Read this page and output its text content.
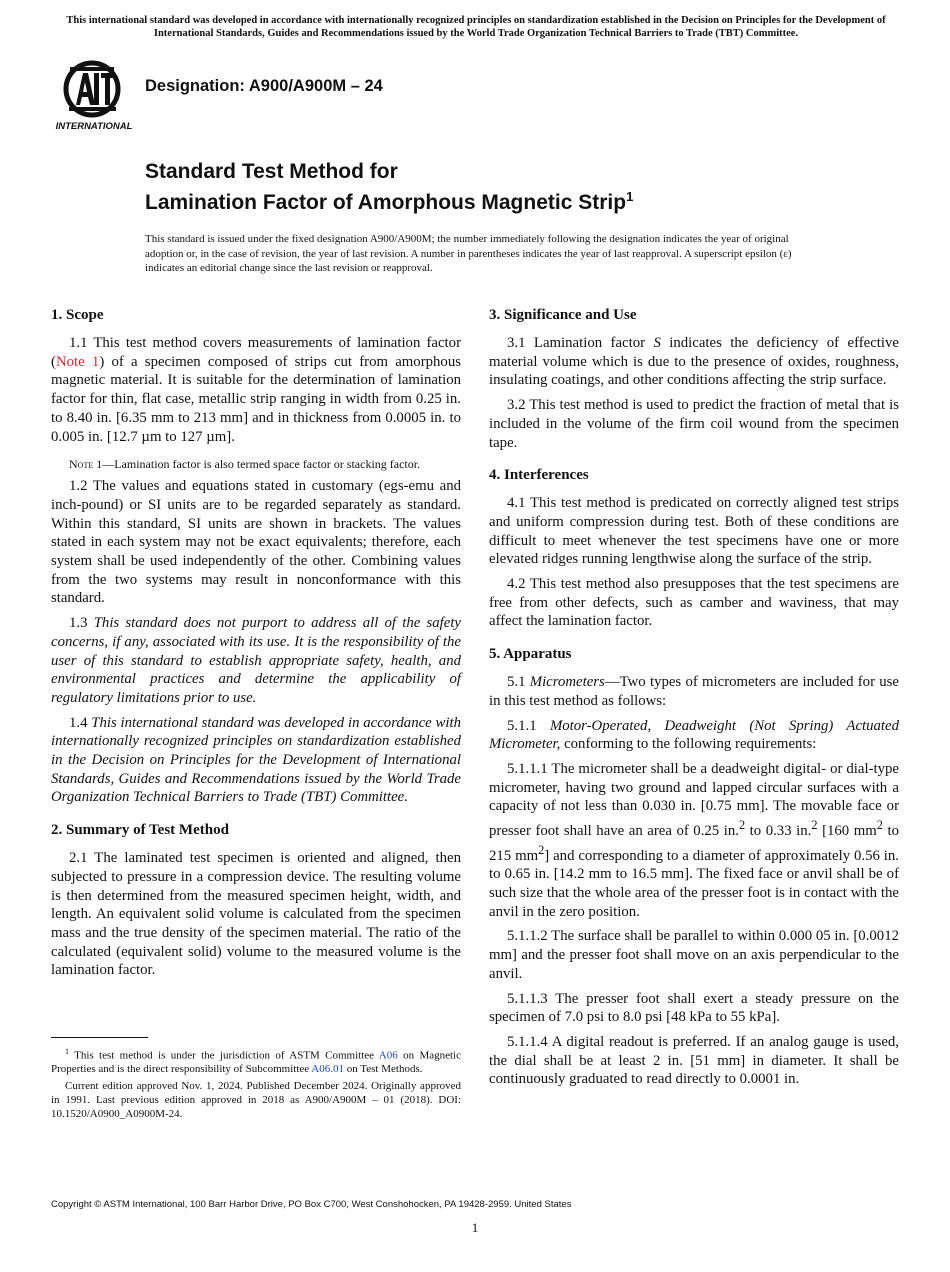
This international standard was developed in accordance with internationally recognized principles on standardization established in the Decision on Principles for the Development of International Standards, Guides and Recommendations issued by the World Trade Organization Technical Barriers to Trade (TBT) Committee.
INTERNATIONAL
Designation: A900/A900M – 24
Standard Test Method for
Lamination Factor of Amorphous Magnetic Strip$^1$
This standard is issued under the fixed designation A900/A900M; the number immediately following the designation indicates the year of original adoption or, in the case of revision, the year of last revision. A number in parentheses indicates the year of last reapproval. A superscript epsilon (ε) indicates an editorial change since the last revision or reapproval.
1. Scope

1.1 This test method covers measurements of lamination factor (Note 1) of a specimen composed of strips cut from amorphous magnetic material. It is suitable for the determination of lamination factor for thin, flat case, metallic strip ranging in width from 0.25 in. to 8.40 in. [6.35 mm to 213 mm] and in thickness from 0.0005 in. to 0.005 in. [12.7 µm to 127 µm].

Note 1—Lamination factor is also termed space factor or stacking factor.

1.2 The values and equations stated in customary (egs-emu and inch-pound) or SI units are to be regarded separately as standard. Within this standard, SI units are shown in brackets. The values stated in each system may not be exact equivalents; therefore, each system shall be used independently of the other. Combining values from the two systems may result in nonconformance with this standard.

1.3 This standard does not purport to address all of the safety concerns, if any, associated with its use. It is the responsibility of the user of this standard to establish appropriate safety, health, and environmental practices and determine the applicability of regulatory limitations prior to use.

1.4 This international standard was developed in accordance with internationally recognized principles on standardization established in the Decision on Principles for the Development of International Standards, Guides and Recommendations issued by the World Trade Organization Technical Barriers to Trade (TBT) Committee.

2. Summary of Test Method

2.1 The laminated test specimen is oriented and aligned, then subjected to pressure in a compression device. The resulting volume is then determined from the measured specimen height, width, and length. An equivalent solid volume is calculated from the specimen mass and the true density of the specimen material. The ratio of the calculated (equivalent solid) volume to the measured volume is the lamination factor.

3. Significance and Use

3.1 Lamination factor S indicates the deficiency of effective material volume which is due to the presence of oxides, roughness, insulating coatings, and other conditions affecting the strip surface.

3.2 This test method is used to predict the fraction of metal that is included in the volume of the firm coil wound from the specimen tape.

4. Interferences

4.1 This test method is predicated on correctly aligned test strips and uniform compression during test. Both of these conditions are difficult to meet whenever the test specimens have one or more elevated ridges running lengthwise along the surface of the strip.

4.2 This test method also presupposes that the test specimens are free from other defects, such as camber and waviness, that may affect the lamination factor.

5. Apparatus

5.1 Micrometers—Two types of micrometers are included for use in this test method as follows:

5.1.1 Motor-Operated, Deadweight (Not Spring) Actuated Micrometer, conforming to the following requirements:

5.1.1.1 The micrometer shall be a deadweight digital- or dial-type micrometer, having two ground and lapped circular surfaces with a capacity of not less than 0.030 in. [0.75 mm]. The movable face or presser foot shall have an area of 0.25 in.$^2$ to 0.33 in.$^2$ [160 $mm^2$ to 215 $mm^2$] and corresponding to a diameter of approximately 0.56 in. to 0.65 in. [14.2 mm to 16.5 mm]. The fixed face or anvil shall be of such size that the whole area of the presser foot is in contact with the anvil in the zero position.

5.1.1.2 The surface shall be parallel to within 0.000 05 in. [0.0012 mm] and the presser foot shall move on an axis perpendicular to the anvil.

5.1.1.3 The presser foot shall exert a steady pressure on the specimen of 7.0 psi to 8.0 psi [48 kPa to 55 kPa].

5.1.1.4 A digital readout is preferred. If an analog gauge is used, the dial shall be at least 2 in. [51 mm] in diameter. It shall be continuously graduated to read directly to 0.0001 in.

$^1$ This test method is under the jurisdiction of ASTM Committee A06 on Magnetic Properties and is the direct responsibility of Subcommittee A06.01 on Test Methods.

Current edition approved Nov. 1, 2024. Published December 2024. Originally approved in 1991. Last previous edition approved in 2018 as A900/A900M – 01 (2018). DOI: 10.1520/A0900_A0900M-24.

Copyright © ASTM International, 100 Barr Harbor Drive, PO Box C700, West Conshohocken, PA 19428-2959. United States
1
